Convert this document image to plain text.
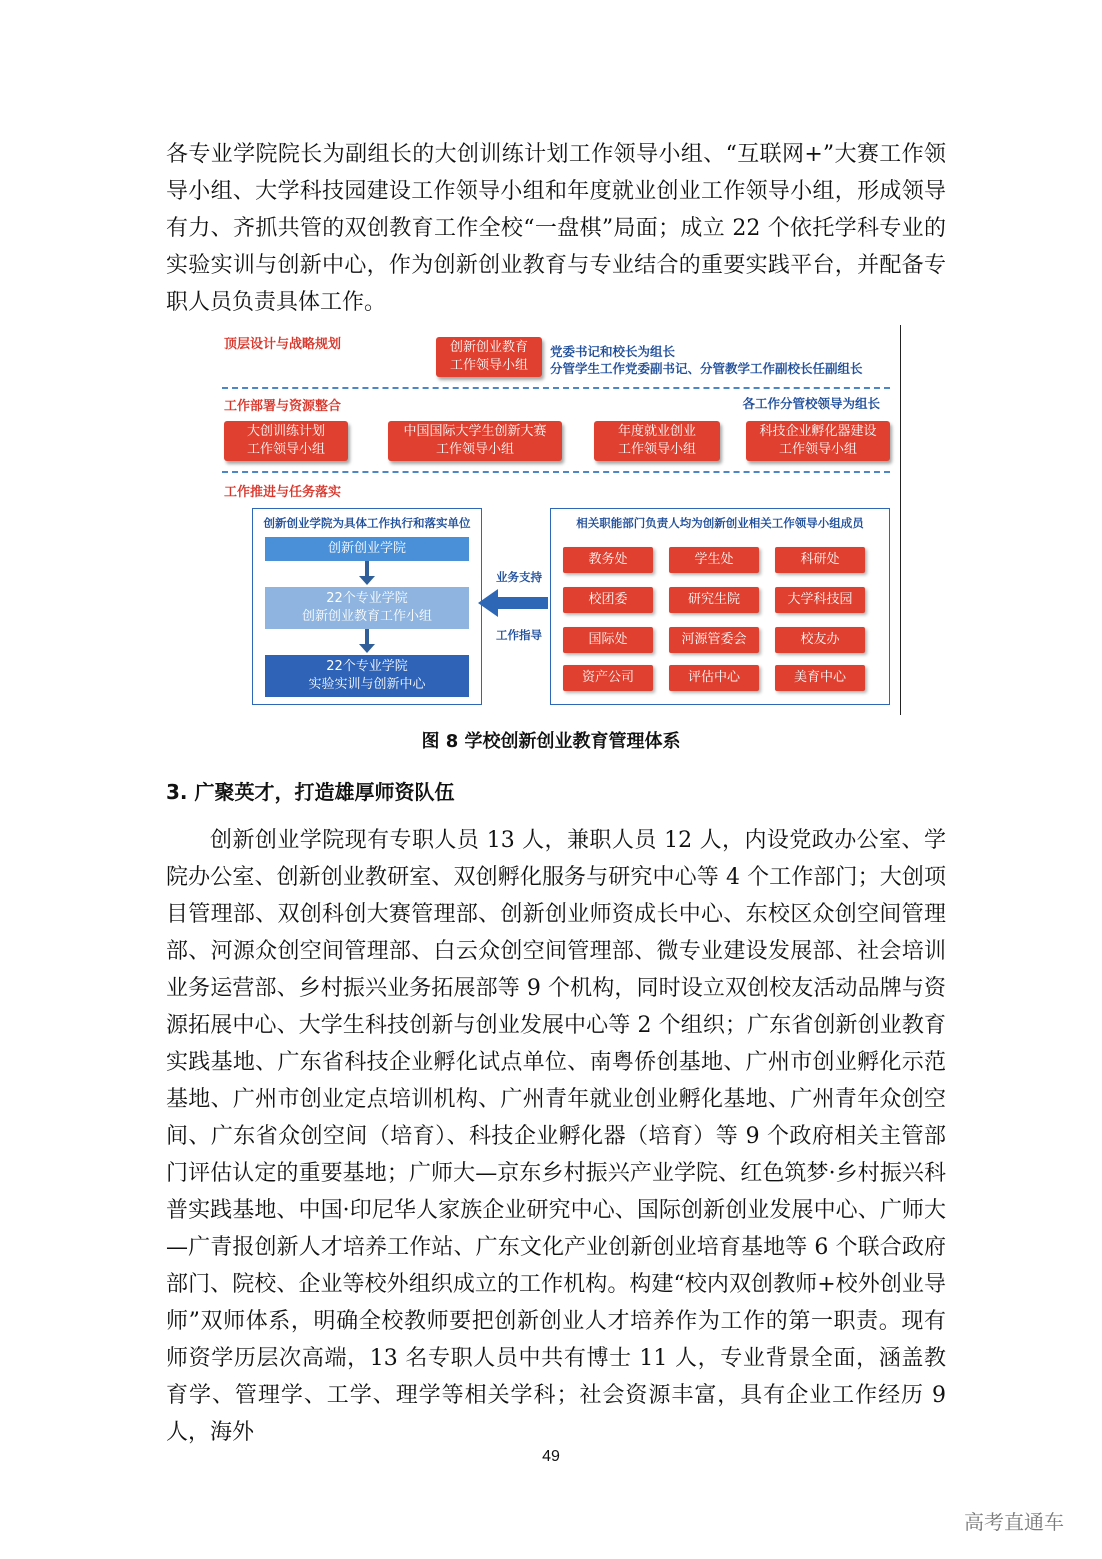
各专业学院院长为副组长的大创训练计划工作领导小组、“互联网+”大赛工作领导小组、大学科技园建设工作领导小组和年度就业创业工作领导小组，形成领导有力、齐抓共管的双创教育工作全校“一盘棋”局面；成立 22 个依托学科专业的实验实训与创新中心，作为创新创业教育与专业结合的重要实践平台，并配备专职人员负责具体工作。

顶层设计与战略规划	创新创业教育
工作领导小组
党委书记和校长为组长
分管学生工作党委副书记、分管教学工作副校长任副组长
工作部署与资源整合	各工作分管校领导为组长
大创训练计划
工作领导小组
中国国际大学生创新大赛
工作领导小组
年度就业创业
工作领导小组
科技企业孵化器建设
工作领导小组
工作推进与任务落实
创新创业学院为具体工作执行和落实单位
创新创业学院
22个专业学院
创新创业教育工作小组
22个专业学院
实验实训与创新中心
业务支持
工作指导
相关职能部门负责人均为创新创业相关工作领导小组成员
教务处	学生处	科研处
校团委	研究生院	大学科技园
国际处	河源管委会	校友办
资产公司	评估中心	美育中心
图 8 学校创新创业教育管理体系
3. 广聚英才，打造雄厚师资队伍

创新创业学院现有专职人员 13 人，兼职人员 12 人，内设党政办公室、学院办公室、创新创业教研室、双创孵化服务与研究中心等 4 个工作部门；大创项目管理部、双创科创大赛管理部、创新创业师资成长中心、东校区众创空间管理部、河源众创空间管理部、白云众创空间管理部、微专业建设发展部、社会培训业务运营部、乡村振兴业务拓展部等 9 个机构，同时设立双创校友活动品牌与资源拓展中心、大学生科技创新与创业发展中心等 2 个组织；广东省创新创业教育实践基地、广东省科技企业孵化试点单位、南粤侨创基地、广州市创业孵化示范基地、广州市创业定点培训机构、广州青年就业创业孵化基地、广州青年众创空间、广东省众创空间（培育）、科技企业孵化器（培育）等 9 个政府相关主管部门评估认定的重要基地；广师大—京东乡村振兴产业学院、红色筑梦·乡村振兴科普实践基地、中国·印尼华人家族企业研究中心、国际创新创业发展中心、广师大—广青报创新人才培养工作站、广东文化产业创新创业培育基地等 6 个联合政府部门、院校、企业等校外组织成立的工作机构。构建“校内双创教师+校外创业导师”双师体系，明确全校教师要把创新创业人才培养作为工作的第一职责。现有师资学历层次高端，13 名专职人员中共有博士 11 人，专业背景全面，涵盖教育学、管理学、工学、理学等相关学科；社会资源丰富，具有企业工作经历 9 人，海外

49
高考直通车
